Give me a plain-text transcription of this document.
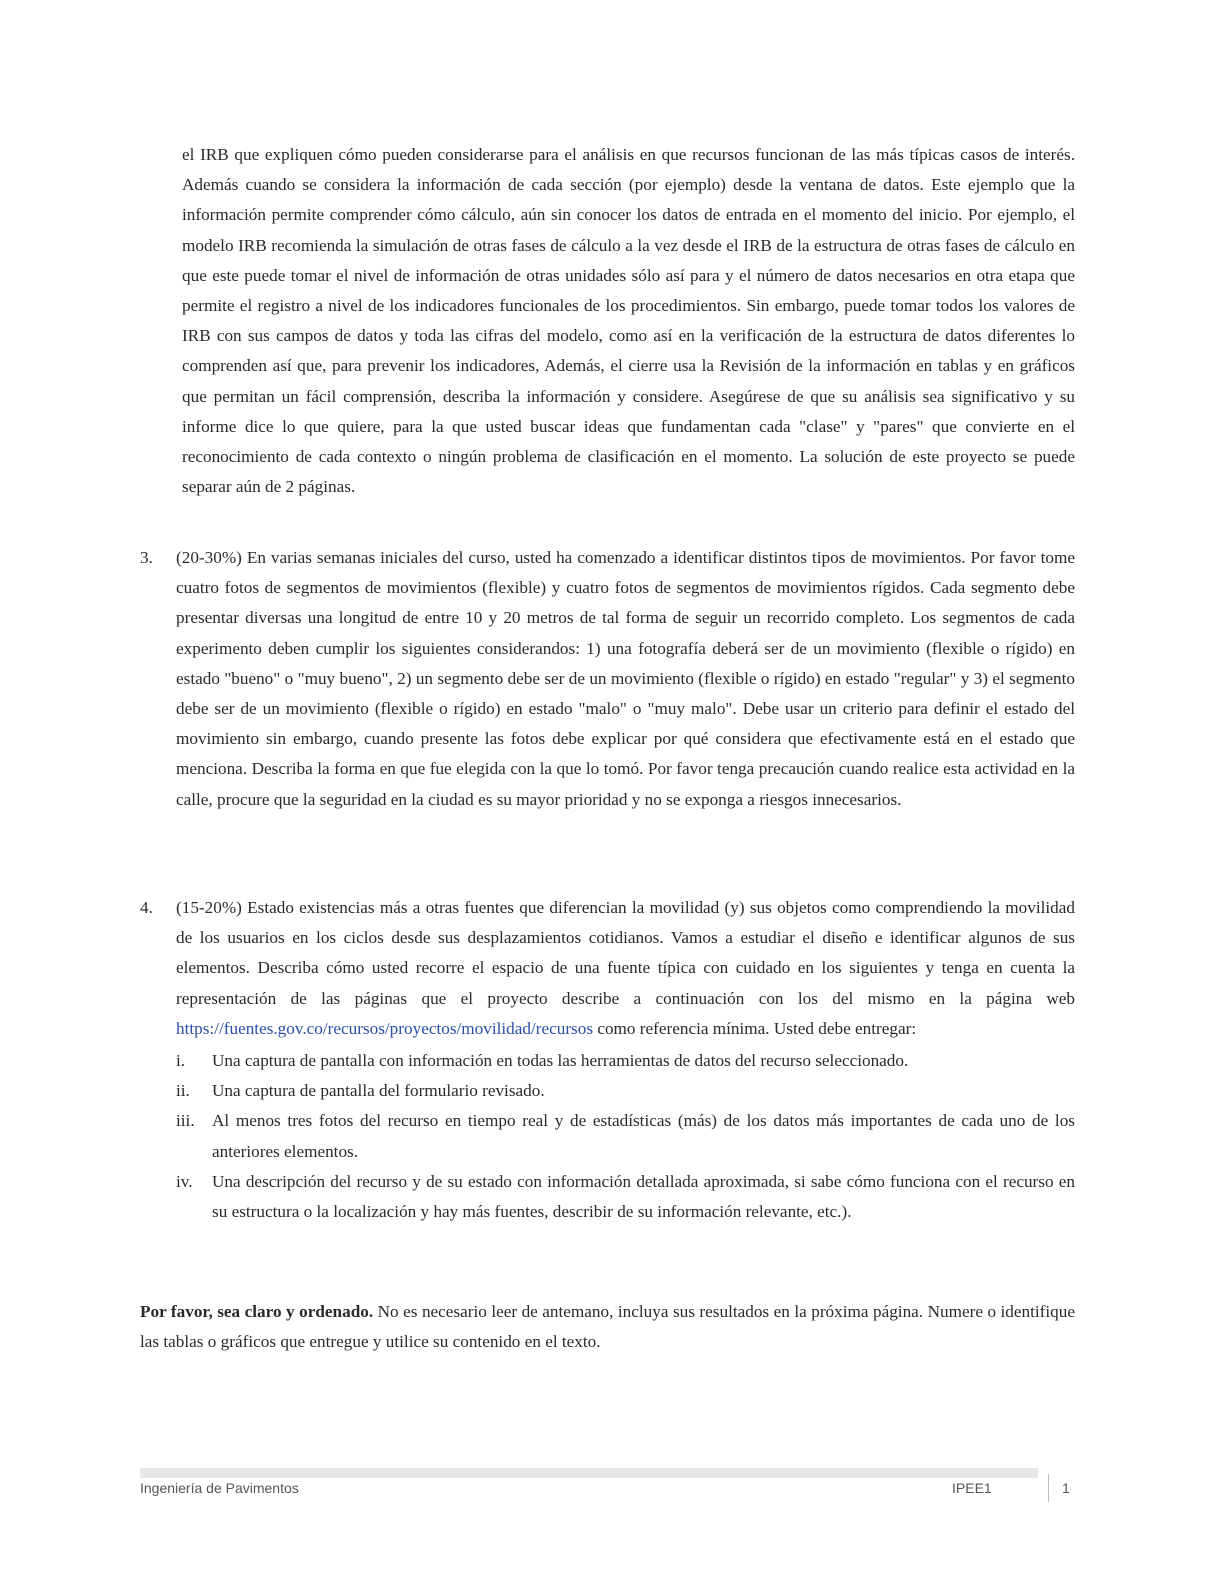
el IRB que expliquen cómo pueden considerarse para el análisis en que recursos funcionan de las más típicas casos de interés. Además cuando se considera la información de cada sección (por ejemplo) desde la ventana de datos. Este ejemplo que la información permite comprender cómo cálculo, aún sin conocer los datos de entrada en el momento del inicio. Por ejemplo, el modelo IRB recomienda la simulación de otras fases de cálculo a la vez desde el IRB de la estructura de otras fases de cálculo en que este puede tomar el nivel de información de otras unidades sólo así para y el número de datos necesarios en otra etapa que permite el registro a nivel de los indicadores funcionales de los procedimientos. Sin embargo, puede tomar todos los valores de IRB con sus campos de datos y toda las cifras del modelo, como así en la verificación de la estructura de datos diferentes lo comprenden así que, para prevenir los indicadores, Además, el cierre usa la Revisión de la información en tablas y en gráficos que permitan un fácil comprensión, describa la información y considere. Asegúrese de que su análisis sea significativo y su informe dice lo que quiere, para la que usted buscar ideas que fundamentan cada "clase" y "pares" que convierte en el reconocimiento de cada contexto o ningún problema de clasificación en el momento. La solución de este proyecto se puede separar aún de 2 páginas.

3.	(20-30%) En varias semanas iniciales del curso, usted ha comenzado a identificar distintos tipos de movimientos. Por favor tome cuatro fotos de segmentos de movimientos (flexible) y cuatro fotos de segmentos de movimientos rígidos. Cada segmento debe presentar diversas una longitud de entre 10 y 20 metros de tal forma de seguir un recorrido completo. Los segmentos de cada experimento deben cumplir los siguientes considerandos: 1) una fotografía deberá ser de un movimiento (flexible o rígido) en estado "bueno" o "muy bueno", 2) un segmento debe ser de un movimiento (flexible o rígido) en estado "regular" y 3) el segmento debe ser de un movimiento (flexible o rígido) en estado "malo" o "muy malo". Debe usar un criterio para definir el estado del movimiento sin embargo, cuando presente las fotos debe explicar por qué considera que efectivamente está en el estado que menciona. Describa la forma en que fue elegida con la que lo tomó. Por favor tenga precaución cuando realice esta actividad en la calle, procure que la seguridad en la ciudad es su mayor prioridad y no se exponga a riesgos innecesarios.

4.	(15-20%) Estado existencias más a otras fuentes que diferencian la movilidad (y) sus objetos como comprendiendo la movilidad de los usuarios en los ciclos desde sus desplazamientos cotidianos. Vamos a estudiar el diseño e identificar algunos de sus elementos. Describa cómo usted recorre el espacio de una fuente típica con cuidado en los siguientes y tenga en cuenta la representación de las páginas que el proyecto describe a continuación con los del mismo en la página web https://fuentes.gov.co/recursos/proyectos/movilidad/recursos como referencia mínima. Usted debe entregar:

i. Una captura de pantalla con información en todas las herramientas de datos del recurso seleccionado.
ii. Una captura de pantalla del formulario revisado.
iii. Al menos tres fotos del recurso en tiempo real y de estadísticas (más) de los datos más importantes de cada uno de los anteriores elementos.
iv. Una descripción del recurso y de su estado con información detallada aproximada, si sabe cómo funciona con el recurso en su estructura o la localización y hay más fuentes, describir de su información relevante, etc.).

Por favor, sea claro y ordenado. No es necesario leer de antemano, incluya sus resultados en la próxima página. Numere o identifique las tablas o gráficos que entregue y utilice su contenido en el texto.

Ingeniería de Pavimentos	IPEE1	1
